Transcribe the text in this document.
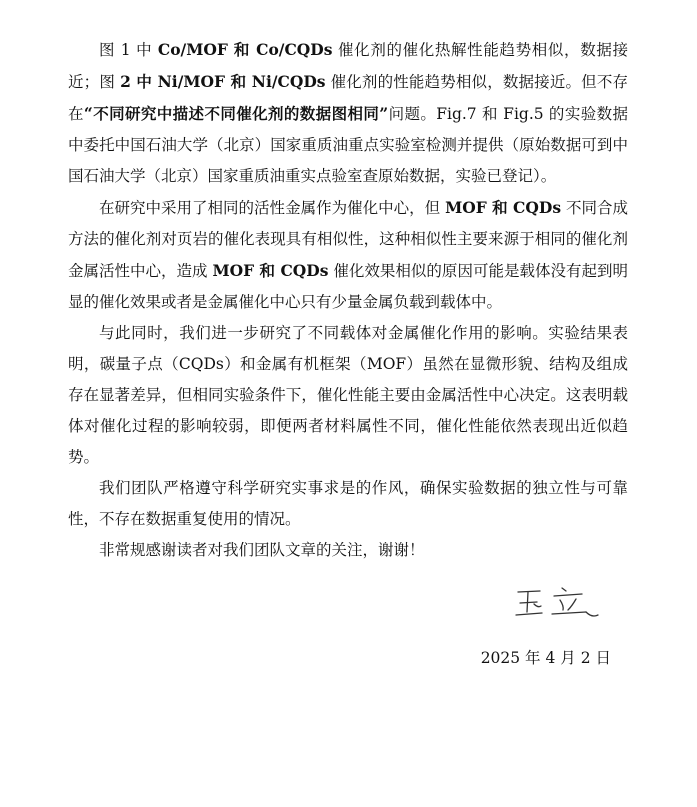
图 1 中 Co/MOF 和 Co/CQDs 催化剂的催化热解性能趋势相似，数据接近；图 2 中 Ni/MOF 和 Ni/CQDs 催化剂的性能趋势相似，数据接近。但不存在“不同研究中描述不同催化剂的数据图相同”问题。Fig.7 和 Fig.5 的实验数据中委托中国石油大学（北京）国家重质油重点实验室检测并提供（原始数据可到中国石油大学（北京）国家重质油重实点验室查原始数据，实验已登记）。

在研究中采用了相同的活性金属作为催化中心，但 MOF 和 CQDs 不同合成方法的催化剂对页岩的催化表现具有相似性，这种相似性主要来源于相同的催化剂金属活性中心，造成 MOF 和 CQDs 催化效果相似的原因可能是载体没有起到明显的催化效果或者是金属催化中心只有少量金属负载到载体中。

与此同时，我们进一步研究了不同载体对金属催化作用的影响。实验结果表明，碳量子点（CQDs）和金属有机框架（MOF）虽然在显微形貌、结构及组成存在显著差异，但相同实验条件下，催化性能主要由金属活性中心决定。这表明载体对催化过程的影响较弱，即便两者材料属性不同，催化性能依然表现出近似趋势。

我们团队严格遵守科学研究实事求是的作风，确保实验数据的独立性与可靠性，不存在数据重复使用的情况。

非常规感谢读者对我们团队文章的关注，谢谢！

2025 年 4 月 2 日
